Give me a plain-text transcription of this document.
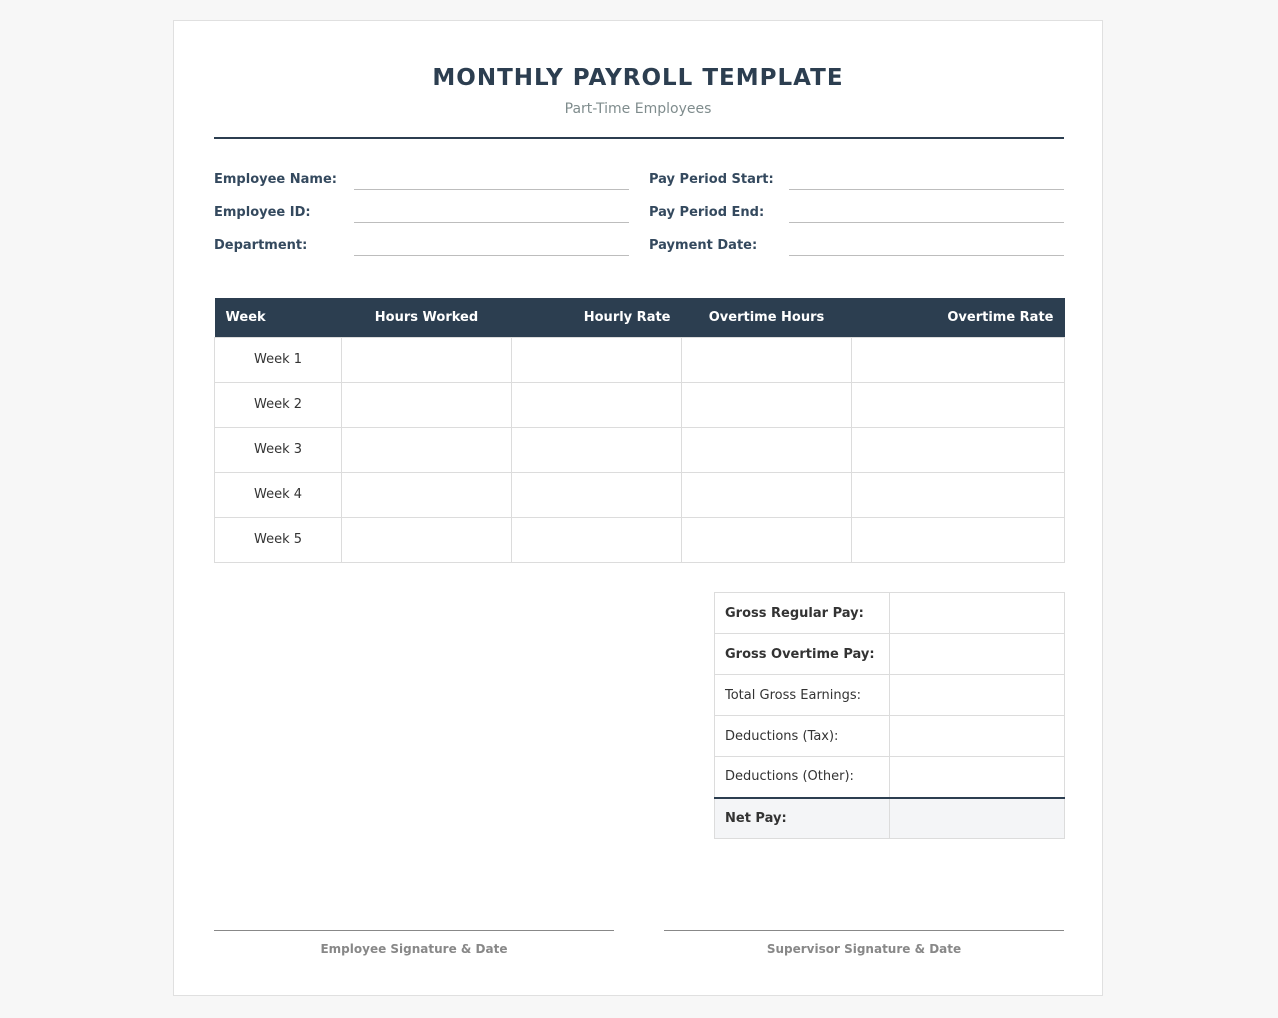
MONTHLY PAYROLL TEMPLATE
Part-Time Employees
Employee Name:
Employee ID:
Department:
Pay Period Start:
Pay Period End:
Payment Date:
Week	Hours Worked	Hourly Rate	Overtime Hours	Overtime Rate
Week 1				
Week 2				
Week 3				
Week 4				
Week 5				
Gross Regular Pay:	
Gross Overtime Pay:	
Total Gross Earnings:	
Deductions (Tax):	
Deductions (Other):	
Net Pay:	
Employee Signature & Date	Supervisor Signature & Date
